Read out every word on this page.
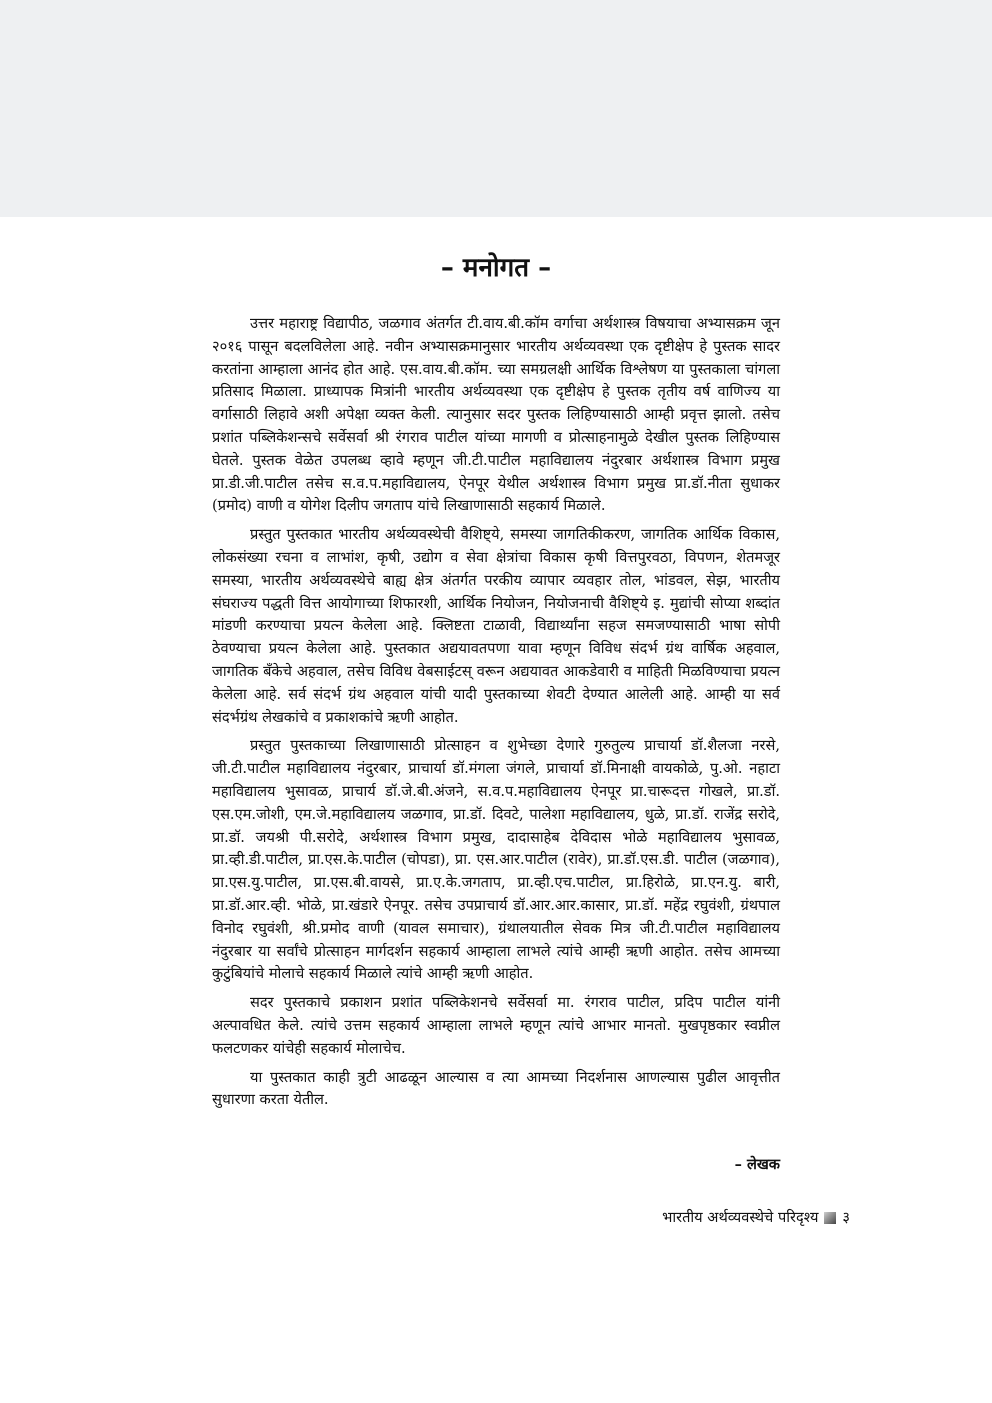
– मनोगत –

उत्तर महाराष्ट्र विद्यापीठ, जळगाव अंतर्गत टी.वाय.बी.कॉम वर्गाचा अर्थशास्त्र विषयाचा अभ्यासक्रम जून २०१६ पासून बदलविलेला आहे. नवीन अभ्यासक्रमानुसार भारतीय अर्थव्यवस्था एक दृष्टीक्षेप हे पुस्तक सादर करतांना आम्हाला आनंद होत आहे. एस.वाय.बी.कॉम. च्या समग्रलक्षी आर्थिक विश्लेषण या पुस्तकाला चांगला प्रतिसाद मिळाला. प्राध्यापक मित्रांनी भारतीय अर्थव्यवस्था एक दृष्टीक्षेप हे पुस्तक तृतीय वर्ष वाणिज्य या वर्गासाठी लिहावे अशी अपेक्षा व्यक्त केली. त्यानुसार सदर पुस्तक लिहिण्यासाठी आम्ही प्रवृत्त झालो. तसेच प्रशांत पब्लिकेशन्सचे सर्वेसर्वा श्री रंगराव पाटील यांच्या मागणी व प्रोत्साहनामुळे देखील पुस्तक लिहिण्यास घेतले. पुस्तक वेळेत उपलब्ध व्हावे म्हणून जी.टी.पाटील महाविद्यालय नंदुरबार अर्थशास्त्र विभाग प्रमुख प्रा.डी.जी.पाटील तसेच स.व.प.महाविद्यालय, ऐनपूर येथील अर्थशास्त्र विभाग प्रमुख प्रा.डॉ.नीता सुधाकर (प्रमोद) वाणी व योगेश दिलीप जगताप यांचे लिखाणासाठी सहकार्य मिळाले.

प्रस्तुत पुस्तकात भारतीय अर्थव्यवस्थेची वैशिष्ट्ये, समस्या जागतिकीकरण, जागतिक आर्थिक विकास, लोकसंख्या रचना व लाभांश, कृषी, उद्योग व सेवा क्षेत्रांचा विकास कृषी वित्तपुरवठा, विपणन, शेतमजूर समस्या, भारतीय अर्थव्यवस्थेचे बाह्य क्षेत्र अंतर्गत परकीय व्यापार व्यवहार तोल, भांडवल, सेझ, भारतीय संघराज्य पद्धती वित्त आयोगाच्या शिफारशी, आर्थिक नियोजन, नियोजनाची वैशिष्ट्ये इ. मुद्यांची सोप्या शब्दांत मांडणी करण्याचा प्रयत्न केलेला आहे. क्लिष्टता टाळावी, विद्यार्थ्यांना सहज समजण्यासाठी भाषा सोपी ठेवण्याचा प्रयत्न केलेला आहे. पुस्तकात अद्ययावतपणा यावा म्हणून विविध संदर्भ ग्रंथ वार्षिक अहवाल, जागतिक बँकेचे अहवाल, तसेच विविध वेबसाईटस् वरून अद्ययावत आकडेवारी व माहिती मिळविण्याचा प्रयत्न केलेला आहे. सर्व संदर्भ ग्रंथ अहवाल यांची यादी पुस्तकाच्या शेवटी देण्यात आलेली आहे. आम्ही या सर्व संदर्भग्रंथ लेखकांचे व प्रकाशकांचे ऋणी आहोत.

प्रस्तुत पुस्तकाच्या लिखाणासाठी प्रोत्साहन व शुभेच्छा देणारे गुरुतुल्य प्राचार्या डॉ.शैलजा नरसे, जी.टी.पाटील महाविद्यालय नंदुरबार, प्राचार्या डॉ.मंगला जंगले, प्राचार्या डॉ.मिनाक्षी वायकोळे, पु.ओ. नहाटा महाविद्यालय भुसावळ, प्राचार्य डॉ.जे.बी.अंजने, स.व.प.महाविद्यालय ऐनपूर प्रा.चारूदत्त गोखले, प्रा.डॉ. एस.एम.जोशी, एम.जे.महाविद्यालय जळगाव, प्रा.डॉ. दिवटे, पालेशा महाविद्यालय, धुळे, प्रा.डॉ. राजेंद्र सरोदे, प्रा.डॉ. जयश्री पी.सरोदे, अर्थशास्त्र विभाग प्रमुख, दादासाहेब देविदास भोळे महाविद्यालय भुसावळ, प्रा.व्ही.डी.पाटील, प्रा.एस.के.पाटील (चोपडा), प्रा. एस.आर.पाटील (रावेर), प्रा.डॉ.एस.डी. पाटील (जळगाव), प्रा.एस.यु.पाटील, प्रा.एस.बी.वायसे, प्रा.ए.के.जगताप, प्रा.व्ही.एच.पाटील, प्रा.हिरोळे, प्रा.एन.यु. बारी, प्रा.डॉ.आर.व्ही. भोळे, प्रा.खंडारे ऐनपूर. तसेच उपप्राचार्य डॉ.आर.आर.कासार, प्रा.डॉ. महेंद्र रघुवंशी, ग्रंथपाल विनोद रघुवंशी, श्री.प्रमोद वाणी (यावल समाचार), ग्रंथालयातील सेवक मित्र जी.टी.पाटील महाविद्यालय नंदुरबार या सर्वांचे प्रोत्साहन मार्गदर्शन सहकार्य आम्हाला लाभले त्यांचे आम्ही ऋणी आहोत. तसेच आमच्या कुटुंबियांचे मोलाचे सहकार्य मिळाले त्यांचे आम्ही ऋणी आहोत.

सदर पुस्तकाचे प्रकाशन प्रशांत पब्लिकेशनचे सर्वेसर्वा मा. रंगराव पाटील, प्रदिप पाटील यांनी अल्पावधित केले. त्यांचे उत्तम सहकार्य आम्हाला लाभले म्हणून त्यांचे आभार मानतो. मुखपृष्ठकार स्वप्नील फलटणकर यांचेही सहकार्य मोलाचेच.

या पुस्तकात काही त्रुटी आढळून आल्यास व त्या आमच्या निदर्शनास आणल्यास पुढील आवृत्तीत सुधारणा करता येतील.

– लेखक
भारतीय अर्थव्यवस्थेचे परिदृश्य ३
